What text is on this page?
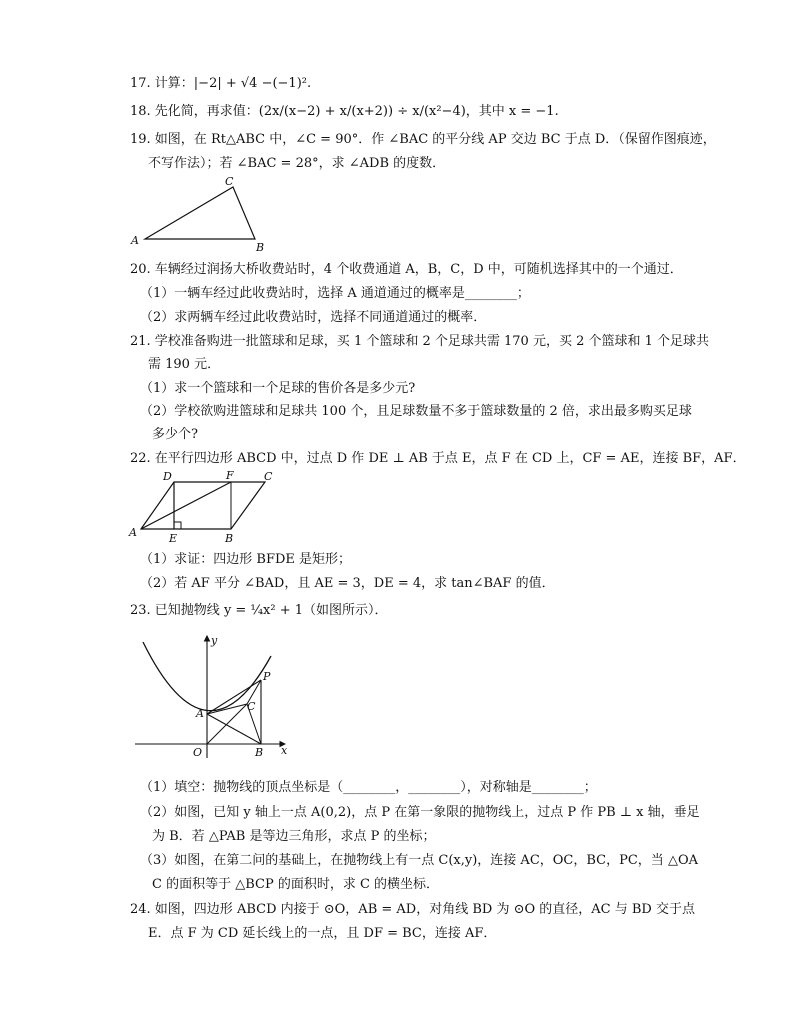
17. 计算：|−2| + √4 −(−1)².
18. 先化简，再求值：(2x/(x−2) + x/(x+2)) ÷ x/(x²−4)，其中 x = −1.
19. 如图，在 Rt△ABC 中，∠C = 90°．作 ∠BAC 的平分线 AP 交边 BC 于点 D．（保留作图痕迹，
不写作法）；若 ∠BAC = 28°，求 ∠ADB 的度数．
A
C
B
20. 车辆经过润扬大桥收费站时，4 个收费通道 A，B，C，D 中，可随机选择其中的一个通过．
（1）一辆车经过此收费站时，选择 A 通道通过的概率是________；
（2）求两辆车经过此收费站时，选择不同通道通过的概率．
21. 学校准备购进一批篮球和足球，买 1 个篮球和 2 个足球共需 170 元，买 2 个篮球和 1 个足球共
需 190 元．
（1）求一个篮球和一个足球的售价各是多少元?
（2）学校欲购进篮球和足球共 100 个，且足球数量不多于篮球数量的 2 倍，求出最多购买足球
多少个?
22. 在平行四边形 ABCD 中，过点 D 作 DE ⊥ AB 于点 E，点 F 在 CD 上，CF = AE，连接 BF，AF．
A
D	F	C
E	B
（1）求证：四边形 BFDE 是矩形；
（2）若 AF 平分 ∠BAD，且 AE = 3，DE = 4，求 tan∠BAF 的值．
23. 已知抛物线 y = ¼x² + 1（如图所示）．
y
x
O
A
B
C
P
（1）填空：抛物线的顶点坐标是（________，________），对称轴是________；
（2）如图，已知 y 轴上一点 A(0,2)，点 P 在第一象限的抛物线上，过点 P 作 PB ⊥ x 轴，垂足
为 B．若 △PAB 是等边三角形，求点 P 的坐标；
（3）如图，在第二问的基础上，在抛物线上有一点 C(x,y)，连接 AC，OC，BC，PC，当 △OA
C 的面积等于 △BCP 的面积时，求 C 的横坐标．
24. 如图，四边形 ABCD 内接于 ⊙O，AB = AD，对角线 BD 为 ⊙O 的直径，AC 与 BD 交于点
E．点 F 为 CD 延长线上的一点，且 DF = BC，连接 AF．
